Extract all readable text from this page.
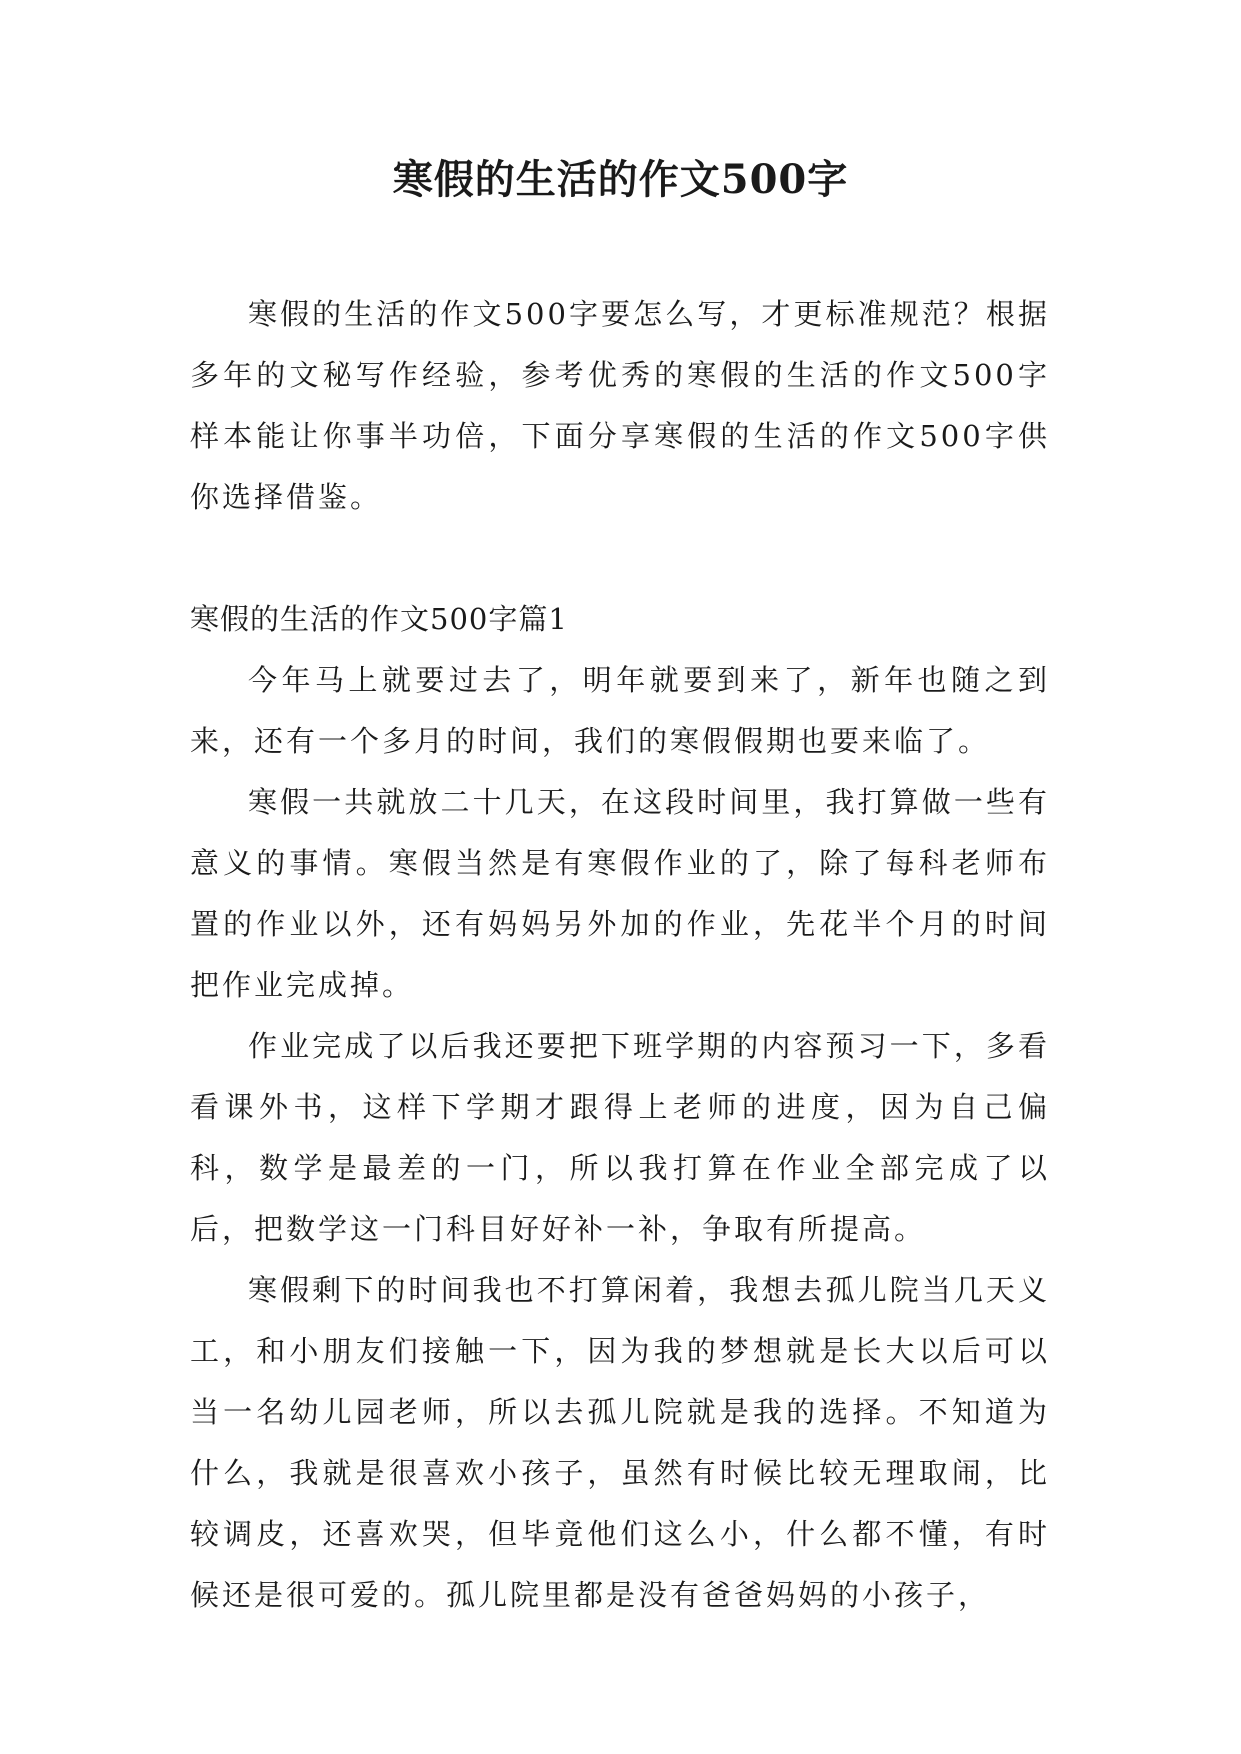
寒假的生活的作文500字

寒假的生活的作文500字要怎么写，才更标准规范？根据多年的文秘写作经验，参考优秀的寒假的生活的作文500字样本能让你事半功倍，下面分享寒假的生活的作文500字供你选择借鉴。

寒假的生活的作文500字篇1

今年马上就要过去了，明年就要到来了，新年也随之到来，还有一个多月的时间，我们的寒假假期也要来临了。

寒假一共就放二十几天，在这段时间里，我打算做一些有意义的事情。寒假当然是有寒假作业的了，除了每科老师布置的作业以外，还有妈妈另外加的作业，先花半个月的时间把作业完成掉。

作业完成了以后我还要把下班学期的内容预习一下，多看看课外书，这样下学期才跟得上老师的进度，因为自己偏科，数学是最差的一门，所以我打算在作业全部完成了以后，把数学这一门科目好好补一补，争取有所提高。

寒假剩下的时间我也不打算闲着，我想去孤儿院当几天义工，和小朋友们接触一下，因为我的梦想就是长大以后可以当一名幼儿园老师，所以去孤儿院就是我的选择。不知道为什么，我就是很喜欢小孩子，虽然有时候比较无理取闹，比较调皮，还喜欢哭，但毕竟他们这么小，什么都不懂，有时候还是很可爱的。孤儿院里都是没有爸爸妈妈的小孩子，
